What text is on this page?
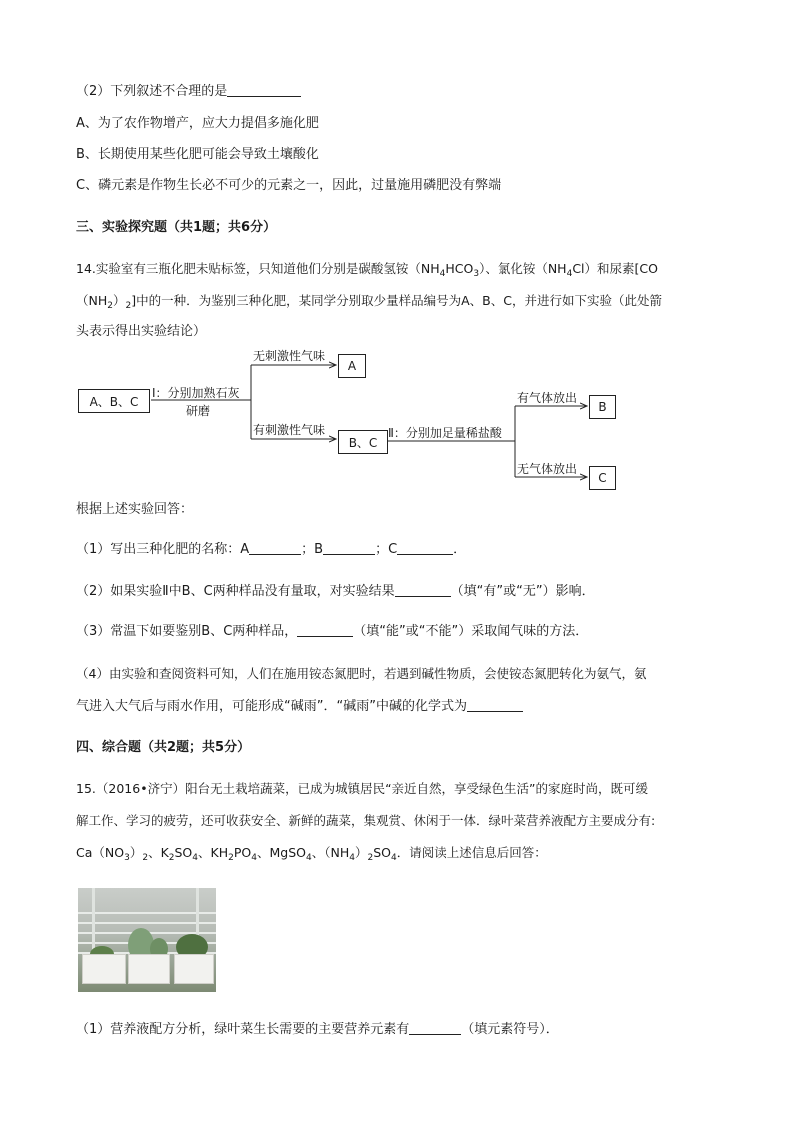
（2）下列叙述不合理的是
A、为了农作物增产，应大力提倡多施化肥
B、长期使用某些化肥可能会导致土壤酸化
C、磷元素是作物生长必不可少的元素之一，因此，过量施用磷肥没有弊端
三、实验探究题（共1题；共6分）
14.实验室有三瓶化肥未贴标签，只知道他们分别是碳酸氢铵$(NH_4HCO_3)$、氯化铵$(NH_4Cl)$和尿素[CO
$(NH_2)_2$]中的一种．为鉴别三种化肥，某同学分别取少量样品编号为A、B、C，并进行如下实验（此处箭
头表示得出实验结论）
A、B、C
Ⅰ：分别加熟石灰
研磨
无刺激性气味
有刺激性气味
A
B、C
Ⅱ：分别加足量稀盐酸
有气体放出
无气体放出
B
C
根据上述实验回答：
（1）写出三种化肥的名称：A	；B	；C	．
（2）如果实验Ⅱ中B、C两种样品没有量取，对实验结果	（填“有”或“无”）影响．
（3）常温下如要鉴别B、C两种样品，	（填“能”或“不能”）采取闻气味的方法．
（4）由实验和查阅资料可知，人们在施用铵态氮肥时，若遇到碱性物质，会使铵态氮肥转化为氨气，氨
气进入大气后与雨水作用，可能形成“碱雨”．“碱雨”中碱的化学式为
四、综合题（共2题；共5分）
15.（2016•济宁）阳台无土栽培蔬菜，已成为城镇居民“亲近自然，享受绿色生活”的家庭时尚，既可缓
解工作、学习的疲劳，还可收获安全、新鲜的蔬菜，集观赏、休闲于一体．绿叶菜营养液配方主要成分有:
$Ca(NO_3)_2$、$K_2SO_4$、$KH_2PO_4$、MgSO$_4$、$(NH_4)_2SO_4$．请阅读上述信息后回答：
（1）营养液配方分析，绿叶菜生长需要的主要营养元素有	（填元素符号）．
